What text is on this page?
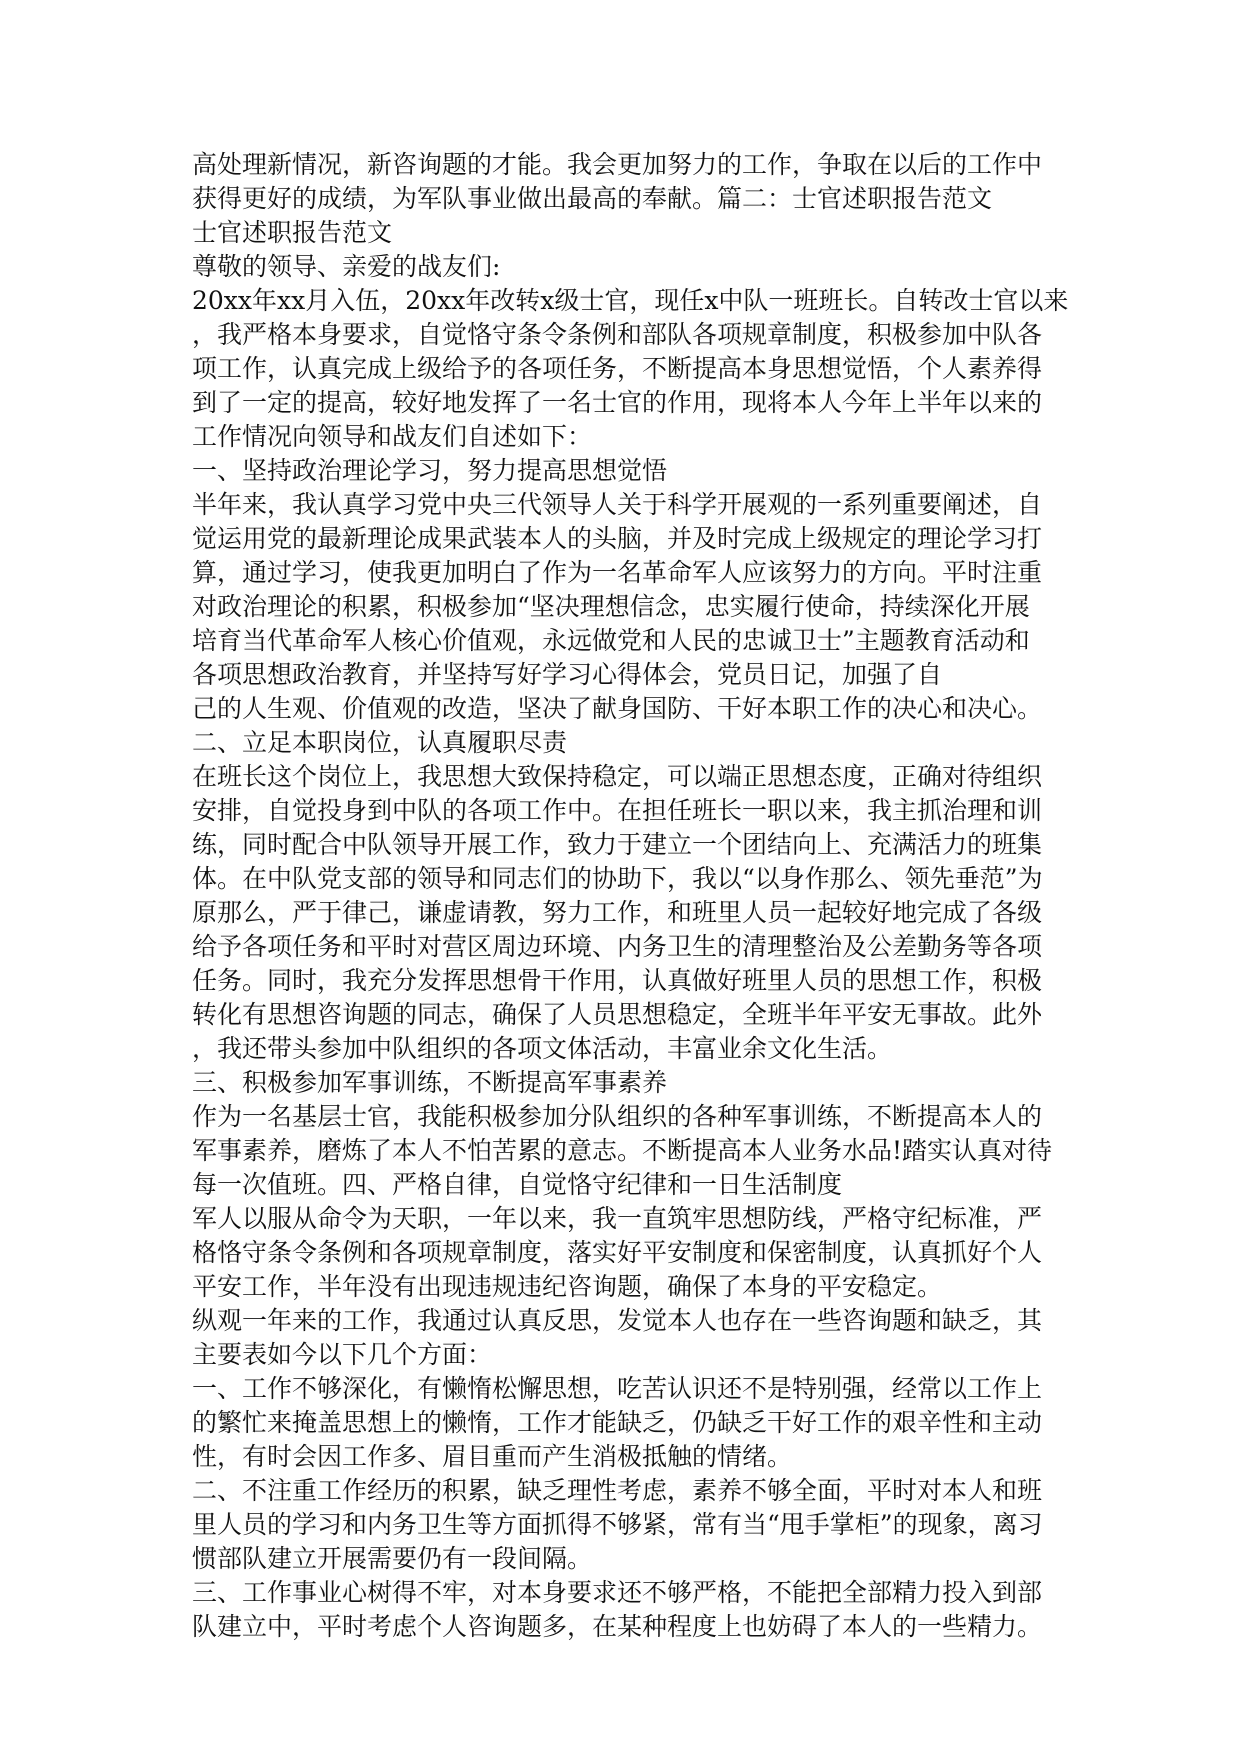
高处理新情况，新咨询题的才能。我会更加努力的工作，争取在以后的工作中
获得更好的成绩，为军队事业做出最高的奉献。篇二：士官述职报告范文
士官述职报告范文
尊敬的领导、亲爱的战友们:
20xx年xx月入伍，20xx年改转x级士官，现任x中队一班班长。自转改士官以来
，我严格本身要求，自觉恪守条令条例和部队各项规章制度，积极参加中队各
项工作，认真完成上级给予的各项任务，不断提高本身思想觉悟，个人素养得
到了一定的提高，较好地发挥了一名士官的作用，现将本人今年上半年以来的
工作情况向领导和战友们自述如下：
一、坚持政治理论学习，努力提高思想觉悟
半年来，我认真学习党中央三代领导人关于科学开展观的一系列重要阐述，自
觉运用党的最新理论成果武装本人的头脑，并及时完成上级规定的理论学习打
算，通过学习，使我更加明白了作为一名革命军人应该努力的方向。平时注重
对政治理论的积累，积极参加“坚决理想信念，忠实履行使命，持续深化开展
培育当代革命军人核心价值观，永远做党和人民的忠诚卫士”主题教育活动和
各项思想政治教育，并坚持写好学习心得体会，党员日记，加强了自
己的人生观、价值观的改造，坚决了献身国防、干好本职工作的决心和决心。
二、立足本职岗位，认真履职尽责
在班长这个岗位上，我思想大致保持稳定，可以端正思想态度，正确对待组织
安排，自觉投身到中队的各项工作中。在担任班长一职以来，我主抓治理和训
练，同时配合中队领导开展工作，致力于建立一个团结向上、充满活力的班集
体。在中队党支部的领导和同志们的协助下，我以“以身作那么、领先垂范”为
原那么，严于律己，谦虚请教，努力工作，和班里人员一起较好地完成了各级
给予各项任务和平时对营区周边环境、内务卫生的清理整治及公差勤务等各项
任务。同时，我充分发挥思想骨干作用，认真做好班里人员的思想工作，积极
转化有思想咨询题的同志，确保了人员思想稳定，全班半年平安无事故。此外
，我还带头参加中队组织的各项文体活动，丰富业余文化生活。
三、积极参加军事训练，不断提高军事素养
作为一名基层士官，我能积极参加分队组织的各种军事训练，不断提高本人的
军事素养，磨炼了本人不怕苦累的意志。不断提高本人业务水品!踏实认真对待
每一次值班。四、严格自律，自觉恪守纪律和一日生活制度
军人以服从命令为天职，一年以来，我一直筑牢思想防线，严格守纪标准，严
格恪守条令条例和各项规章制度，落实好平安制度和保密制度，认真抓好个人
平安工作，半年没有出现违规违纪咨询题，确保了本身的平安稳定。
纵观一年来的工作，我通过认真反思，发觉本人也存在一些咨询题和缺乏，其
主要表如今以下几个方面：
一、工作不够深化，有懒惰松懈思想，吃苦认识还不是特别强，经常以工作上
的繁忙来掩盖思想上的懒惰，工作才能缺乏，仍缺乏干好工作的艰辛性和主动
性，有时会因工作多、眉目重而产生消极抵触的情绪。
二、不注重工作经历的积累，缺乏理性考虑，素养不够全面，平时对本人和班
里人员的学习和内务卫生等方面抓得不够紧，常有当“甩手掌柜”的现象，离习
惯部队建立开展需要仍有一段间隔。
三、工作事业心树得不牢，对本身要求还不够严格，不能把全部精力投入到部
队建立中，平时考虑个人咨询题多，在某种程度上也妨碍了本人的一些精力。
